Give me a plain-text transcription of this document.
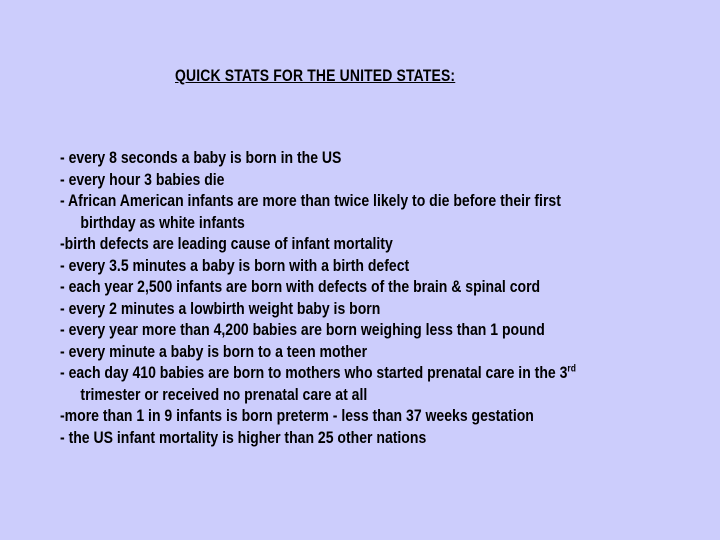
QUICK STATS FOR THE UNITED STATES:
- every 8 seconds a baby is born in the US
- every hour 3 babies die
- African American infants are more than twice likely to die before their first
birthday as white infants
-birth defects are leading cause of infant mortality
- every 3.5 minutes a baby is born with a birth defect
- each year 2,500 infants are born with defects of the brain & spinal cord
- every 2 minutes a lowbirth weight baby is born
- every year more than 4,200 babies are born weighing less than 1 pound
- every minute a baby is born to a teen mother
- each day 410 babies are born to mothers who started prenatal care in the 3rd
trimester or received no prenatal care at all
-more than 1 in 9 infants is born preterm - less than 37 weeks gestation
- the US infant mortality is higher than 25 other nations
